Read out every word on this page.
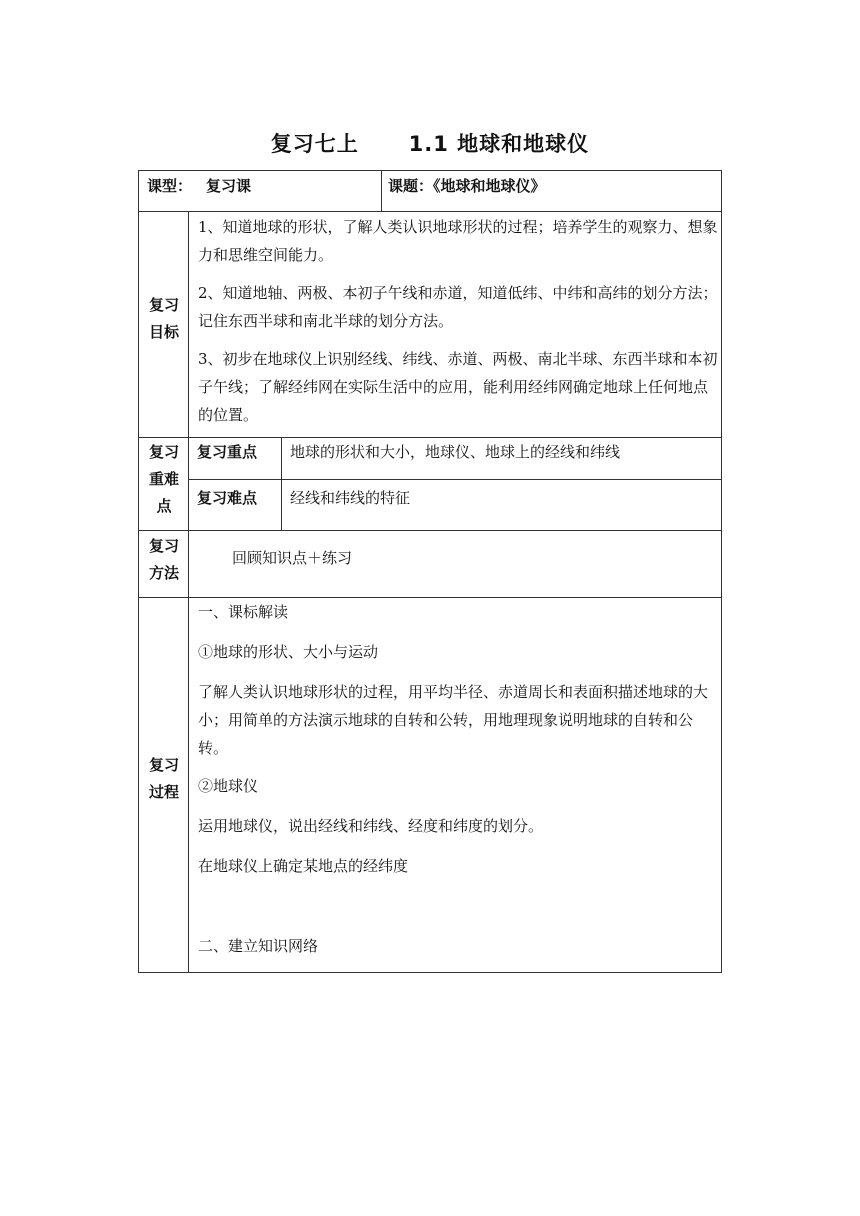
复习七上      1.1 地球和地球仪
课型： 复习课	课题：《地球和地球仪》
复习
目标

1、知道地球的形状，了解人类认识地球形状的过程；培养学生的观察力、想象力和思维空间能力。

2、知道地轴、两极、本初子午线和赤道，知道低纬、中纬和高纬的划分方法；记住东西半球和南北半球的划分方法。

3、初步在地球仪上识别经线、纬线、赤道、两极、南北半球、东西半球和本初子午线；了解经纬网在实际生活中的应用，能利用经纬网确定地球上任何地点的位置。

复习
重难
点
复习重点 地球的形状和大小，地球仪、地球上的经线和纬线
复习难点 经线和纬线的特征
复习
方法
回顾知识点＋练习
复习
过程
一、课标解读
①地球的形状、大小与运动

了解人类认识地球形状的过程，用平均半径、赤道周长和表面积描述地球的大小；用简单的方法演示地球的自转和公转，用地理现象说明地球的自转和公转。

②地球仪
运用地球仪，说出经线和纬线、经度和纬度的划分。
在地球仪上确定某地点的经纬度
二、建立知识网络
